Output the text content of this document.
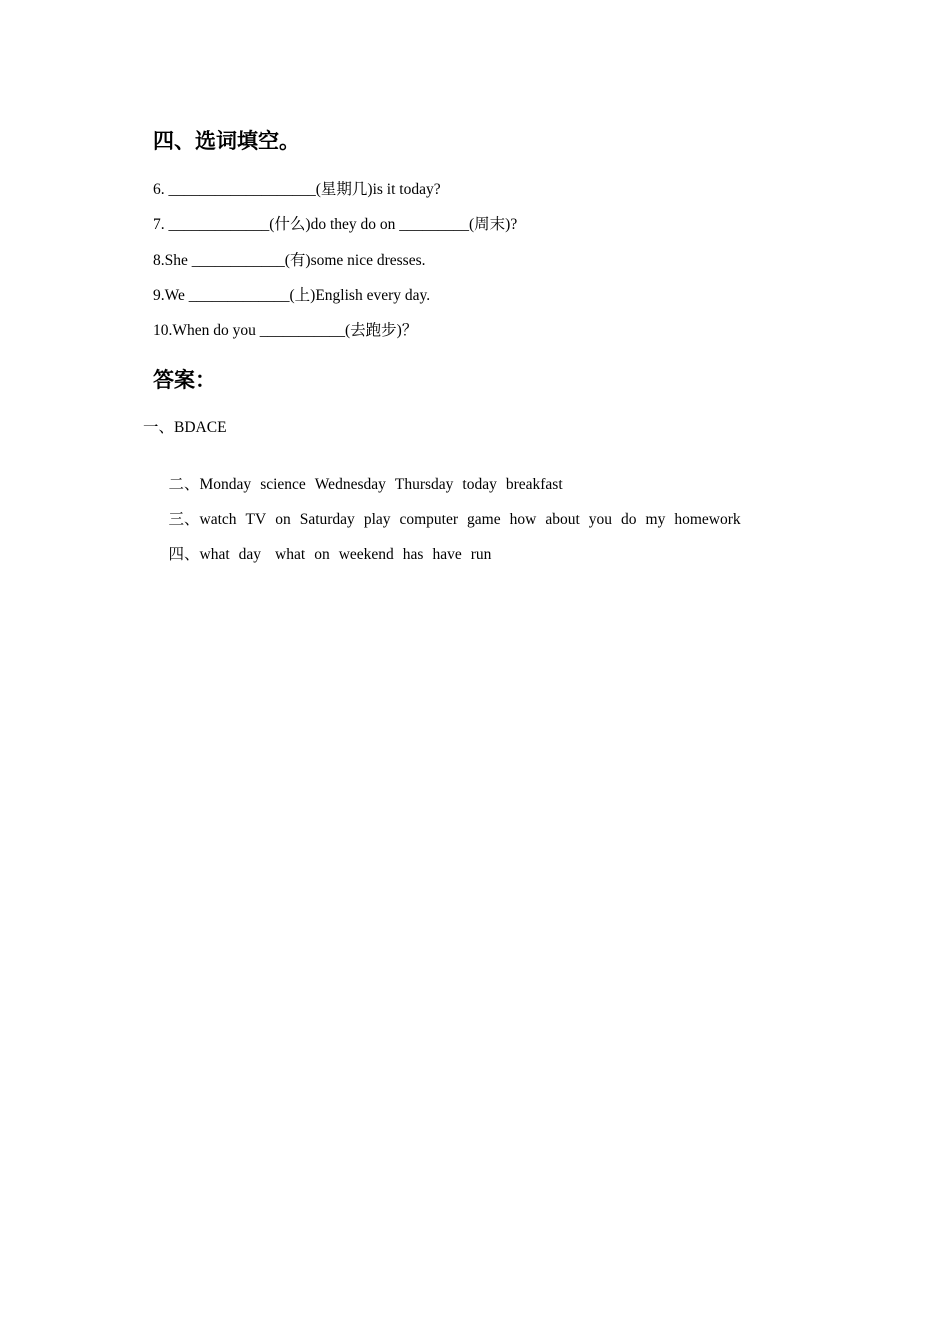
四、选词填空。
6. ___________________(星期几)is it today?
7. _____________(什么)do they do on _________(周末)?
8.She ____________(有)some nice dresses.
9.We _____________(上)English every day.
10.When do you ___________(去跑步)？
答案：
一、BDACE

二、Monday science Wednesday Thursday today breakfast

三、watch TV on Saturday play computer game how about you do my homework

四、what day what on weekend has have run
